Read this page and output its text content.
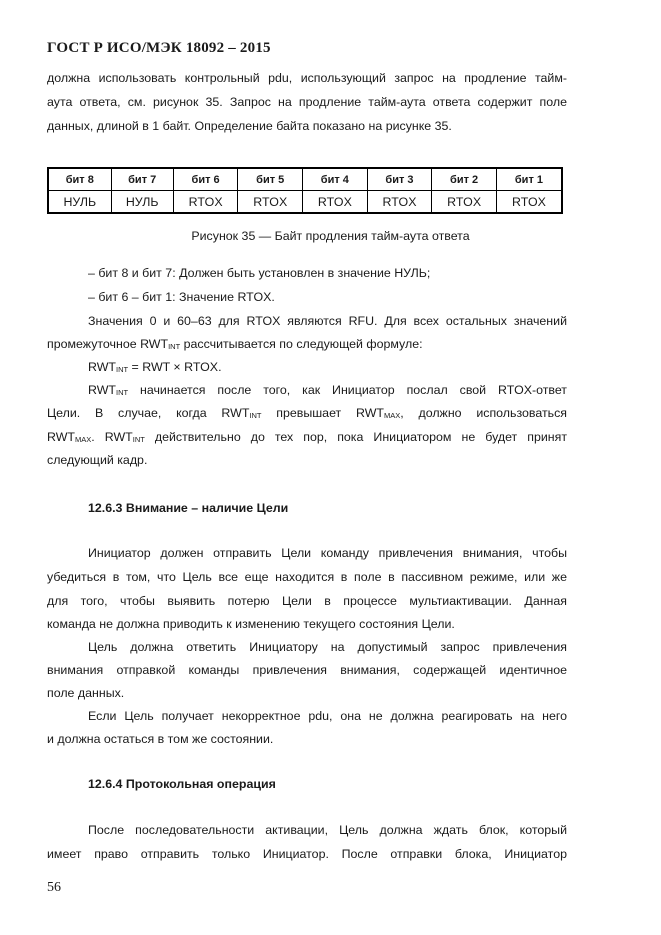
ГОСТ Р ИСО/МЭК 18092 – 2015
должна использовать контрольный pdu, использующий запрос на продление тайм-
аута ответа, см. рисунок 35. Запрос на продление тайм-аута ответа содержит поле
данных, длиной в 1 байт. Определение байта показано на рисунке 35.
бит 8	бит 7	бит 6	бит 5	бит 4	бит 3	бит 2	бит 1
НУЛЬ	НУЛЬ	RTOX	RTOX	RTOX	RTOX	RTOX	RTOX
Рисунок 35 — Байт продления тайм-аута ответа
– бит 8 и бит 7: Должен быть установлен в значение НУЛЬ;
– бит 6 – бит 1: Значение RTOX.
Значения 0 и 60–63 для RTOX являются RFU. Для всех остальных значений
промежуточное RWTINT рассчитывается по следующей формуле:
RWTINT = RWT × RTOX.
RWTINT начинается после того, как Инициатор послал свой RTOX-ответ
Цели. В случае, когда RWTINT превышает RWTMAX, должно использоваться
RWTMAX. RWTINT действительно до тех пор, пока Инициатором не будет принят
следующий кадр.
12.6.3 Внимание – наличие Цели
Инициатор должен отправить Цели команду привлечения внимания, чтобы
убедиться в том, что Цель все еще находится в поле в пассивном режиме, или же
для того, чтобы выявить потерю Цели в процессе мультиактивации. Данная
команда не должна приводить к изменению текущего состояния Цели.
Цель должна ответить Инициатору на допустимый запрос привлечения
внимания отправкой команды привлечения внимания, содержащей идентичное
поле данных.
Если Цель получает некорректное pdu, она не должна реагировать на него
и должна остаться в том же состоянии.
12.6.4 Протокольная операция
После последовательности активации, Цель должна ждать блок, который
имеет право отправить только Инициатор. После отправки блока, Инициатор
56
